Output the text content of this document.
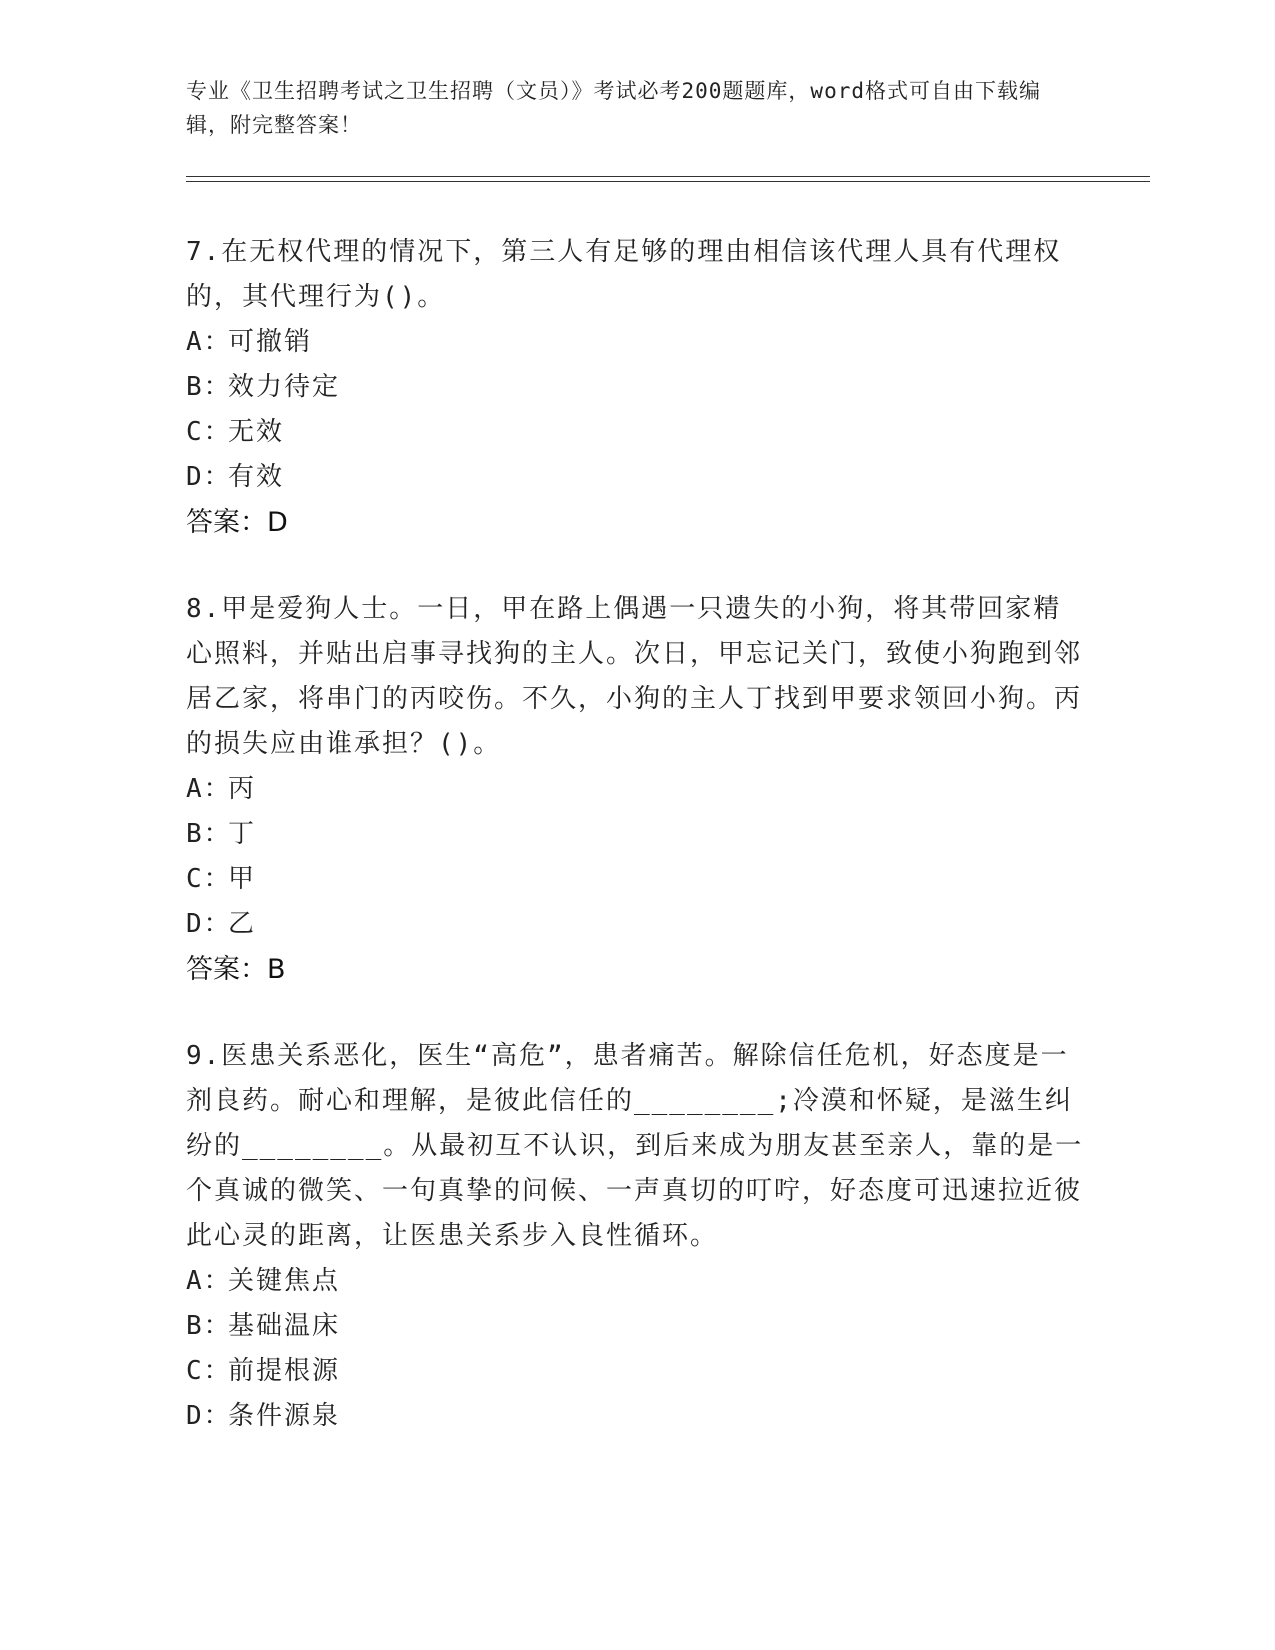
专业《卫生招聘考试之卫生招聘（文员）》考试必考200题题库，word格式可自由下载编辑，附完整答案！

7.在无权代理的情况下，第三人有足够的理由相信该代理人具有代理权的，其代理行为()。

A：可撤销

B：效力待定

C：无效

D：有效

答案：D

8.甲是爱狗人士。一日，甲在路上偶遇一只遗失的小狗，将其带回家精心照料，并贴出启事寻找狗的主人。次日，甲忘记关门，致使小狗跑到邻居乙家，将串门的丙咬伤。不久，小狗的主人丁找到甲要求领回小狗。丙的损失应由谁承担？()。

A：丙

B：丁

C：甲

D：乙

答案：B

9.医患关系恶化，医生“高危”，患者痛苦。解除信任危机，好态度是一剂良药。耐心和理解，是彼此信任的________;冷漠和怀疑，是滋生纠纷的________。从最初互不认识，到后来成为朋友甚至亲人，靠的是一个真诚的微笑、一句真挚的问候、一声真切的叮咛，好态度可迅速拉近彼此心灵的距离，让医患关系步入良性循环。

A：关键焦点

B：基础温床

C：前提根源

D：条件源泉
